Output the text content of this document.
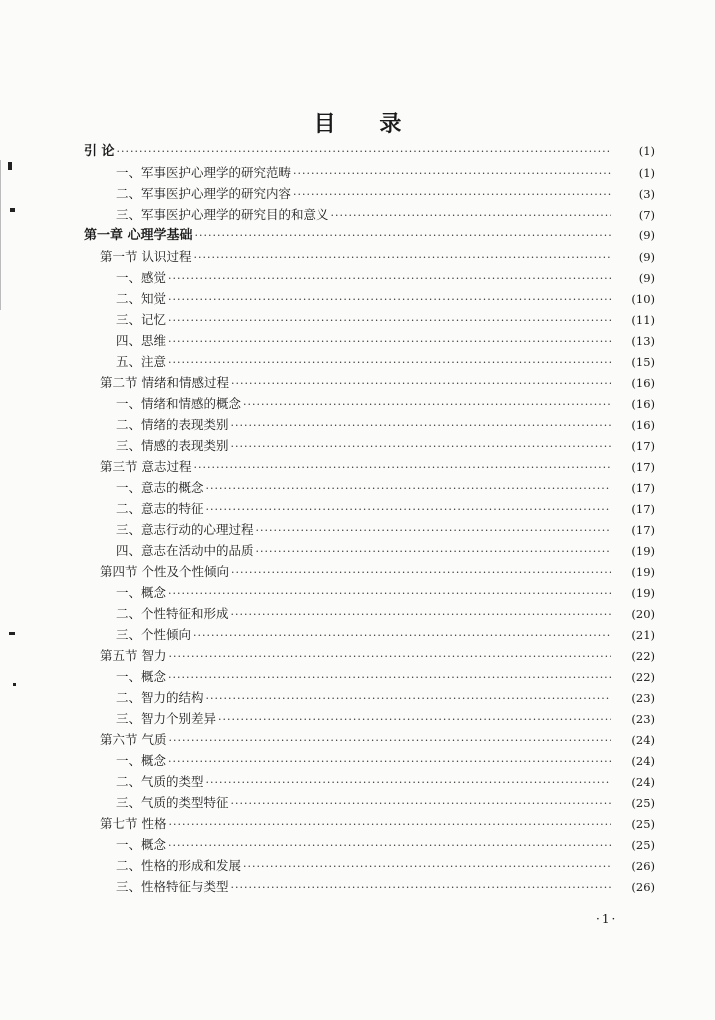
目 录
引 论 ·····	(1)
一、军事医护心理学的研究范畴 ·····	(1)
二、军事医护心理学的研究内容 ·····	(3)
三、军事医护心理学的研究目的和意义 ·····	(7)
第一章 心理学基础 ·····	(9)
第一节 认识过程 ·····	(9)
一、感觉 ·····	(9)
二、知觉 ·····	(10)
三、记忆 ·····	(11)
四、思维 ·····	(13)
五、注意 ·····	(15)
第二节 情绪和情感过程 ·····	(16)
一、情绪和情感的概念 ·····	(16)
二、情绪的表现类别 ·····	(16)
三、情感的表现类别 ·····	(17)
第三节 意志过程 ·····	(17)
一、意志的概念 ·····	(17)
二、意志的特征 ·····	(17)
三、意志行动的心理过程 ·····	(17)
四、意志在活动中的品质 ·····	(19)
第四节 个性及个性倾向 ·····	(19)
一、概念 ·····	(19)
二、个性特征和形成 ·····	(20)
三、个性倾向 ·····	(21)
第五节 智力 ·····	(22)
一、概念 ·····	(22)
二、智力的结构 ·····	(23)
三、智力个别差异 ·····	(23)
第六节 气质 ·····	(24)
一、概念 ·····	(24)
二、气质的类型 ·····	(24)
三、气质的类型特征 ·····	(25)
第七节 性格 ·····	(25)
一、概念 ·····	(25)
二、性格的形成和发展 ·····	(26)
三、性格特征与类型 ·····	(26)
·1·
